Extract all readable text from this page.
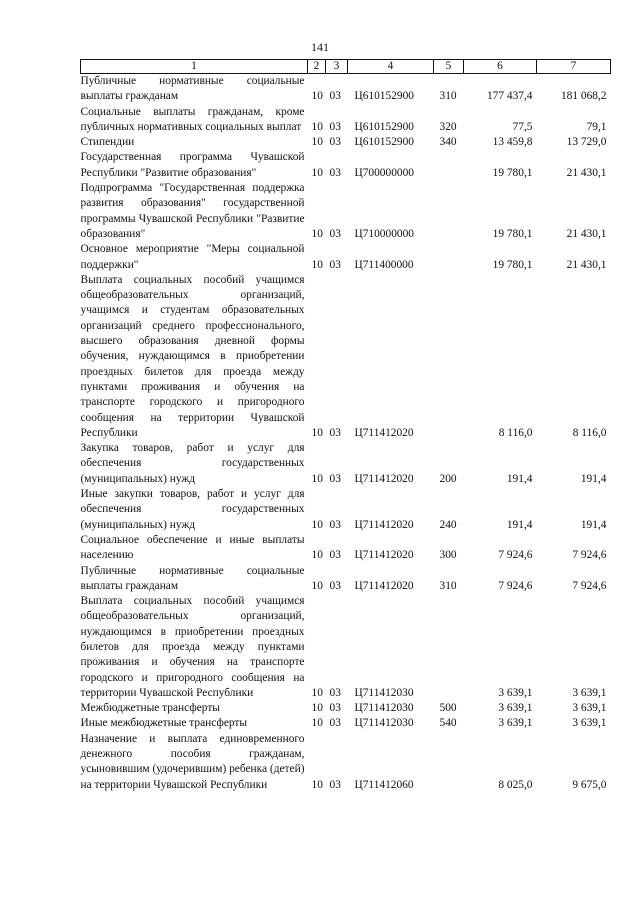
141
1	2	3	4	5	6	7
Публичные нормативные социальные выплаты гражданам	10	03	Ц610152900	310	177 437,4	181 068,2
Социальные выплаты гражданам, кроме публичных нормативных социальных выплат	10	03	Ц610152900	320	77,5	79,1
Стипендии	10	03	Ц610152900	340	13 459,8	13 729,0
Государственная программа Чувашской Республики "Развитие образования"	10	03	Ц700000000		19 780,1	21 430,1
Подпрограмма "Государственная поддержка развития образования" государственной программы Чувашской Республики "Развитие образования"	10	03	Ц710000000		19 780,1	21 430,1
Основное мероприятие "Меры социальной поддержки"	10	03	Ц711400000		19 780,1	21 430,1
Выплата социальных пособий учащимся общеобразовательных организаций, учащимся и студентам образовательных организаций среднего профессионального, высшего образования дневной формы обучения, нуждающимся в приобретении проездных билетов для проезда между пунктами проживания и обучения на транспорте городского и пригородного сообщения на территории Чувашской Республики	10	03	Ц711412020		8 116,0	8 116,0
Закупка товаров, работ и услуг для обеспечения государственных (муниципальных) нужд	10	03	Ц711412020	200	191,4	191,4
Иные закупки товаров, работ и услуг для обеспечения государственных (муниципальных) нужд	10	03	Ц711412020	240	191,4	191,4
Социальное обеспечение и иные выплаты населению	10	03	Ц711412020	300	7 924,6	7 924,6
Публичные нормативные социальные выплаты гражданам	10	03	Ц711412020	310	7 924,6	7 924,6
Выплата социальных пособий учащимся общеобразовательных организаций, нуждающимся в приобретении проездных билетов для проезда между пунктами проживания и обучения на транспорте городского и пригородного сообщения на территории Чувашской Республики	10	03	Ц711412030		3 639,1	3 639,1
Межбюджетные трансферты	10	03	Ц711412030	500	3 639,1	3 639,1
Иные межбюджетные трансферты	10	03	Ц711412030	540	3 639,1	3 639,1
Назначение и выплата единовременного денежного пособия гражданам, усыновившим (удочерившим) ребенка (детей) на территории Чувашской Республики	10	03	Ц711412060		8 025,0	9 675,0
